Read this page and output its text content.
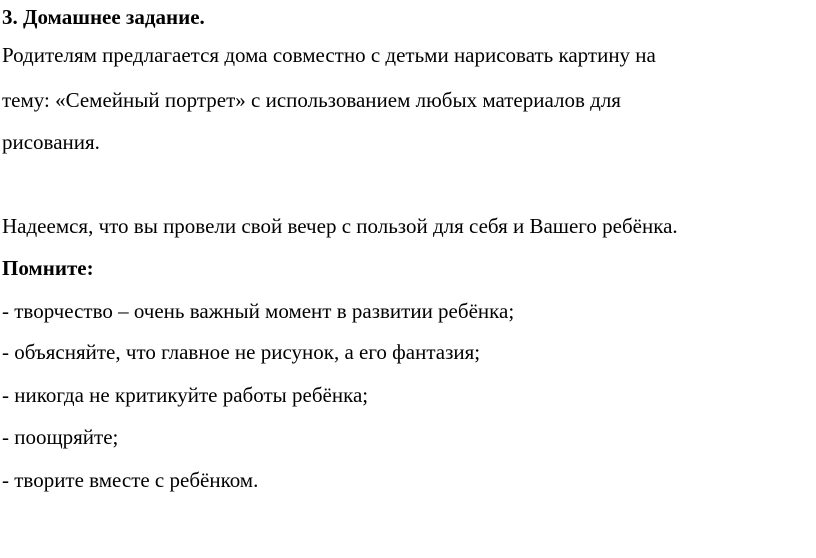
3. Домашнее задание.
Родителям предлагается дома совместно с детьми нарисовать картину на
тему: «Семейный портрет» с использованием любых материалов для
рисования.
Надеемся, что вы провели свой вечер с пользой для себя и Вашего ребёнка.
Помните:
- творчество – очень важный момент в развитии ребёнка;
- объясняйте, что главное не рисунок, а его фантазия;
- никогда не критикуйте работы ребёнка;
- поощряйте;
- творите вместе с ребёнком.
